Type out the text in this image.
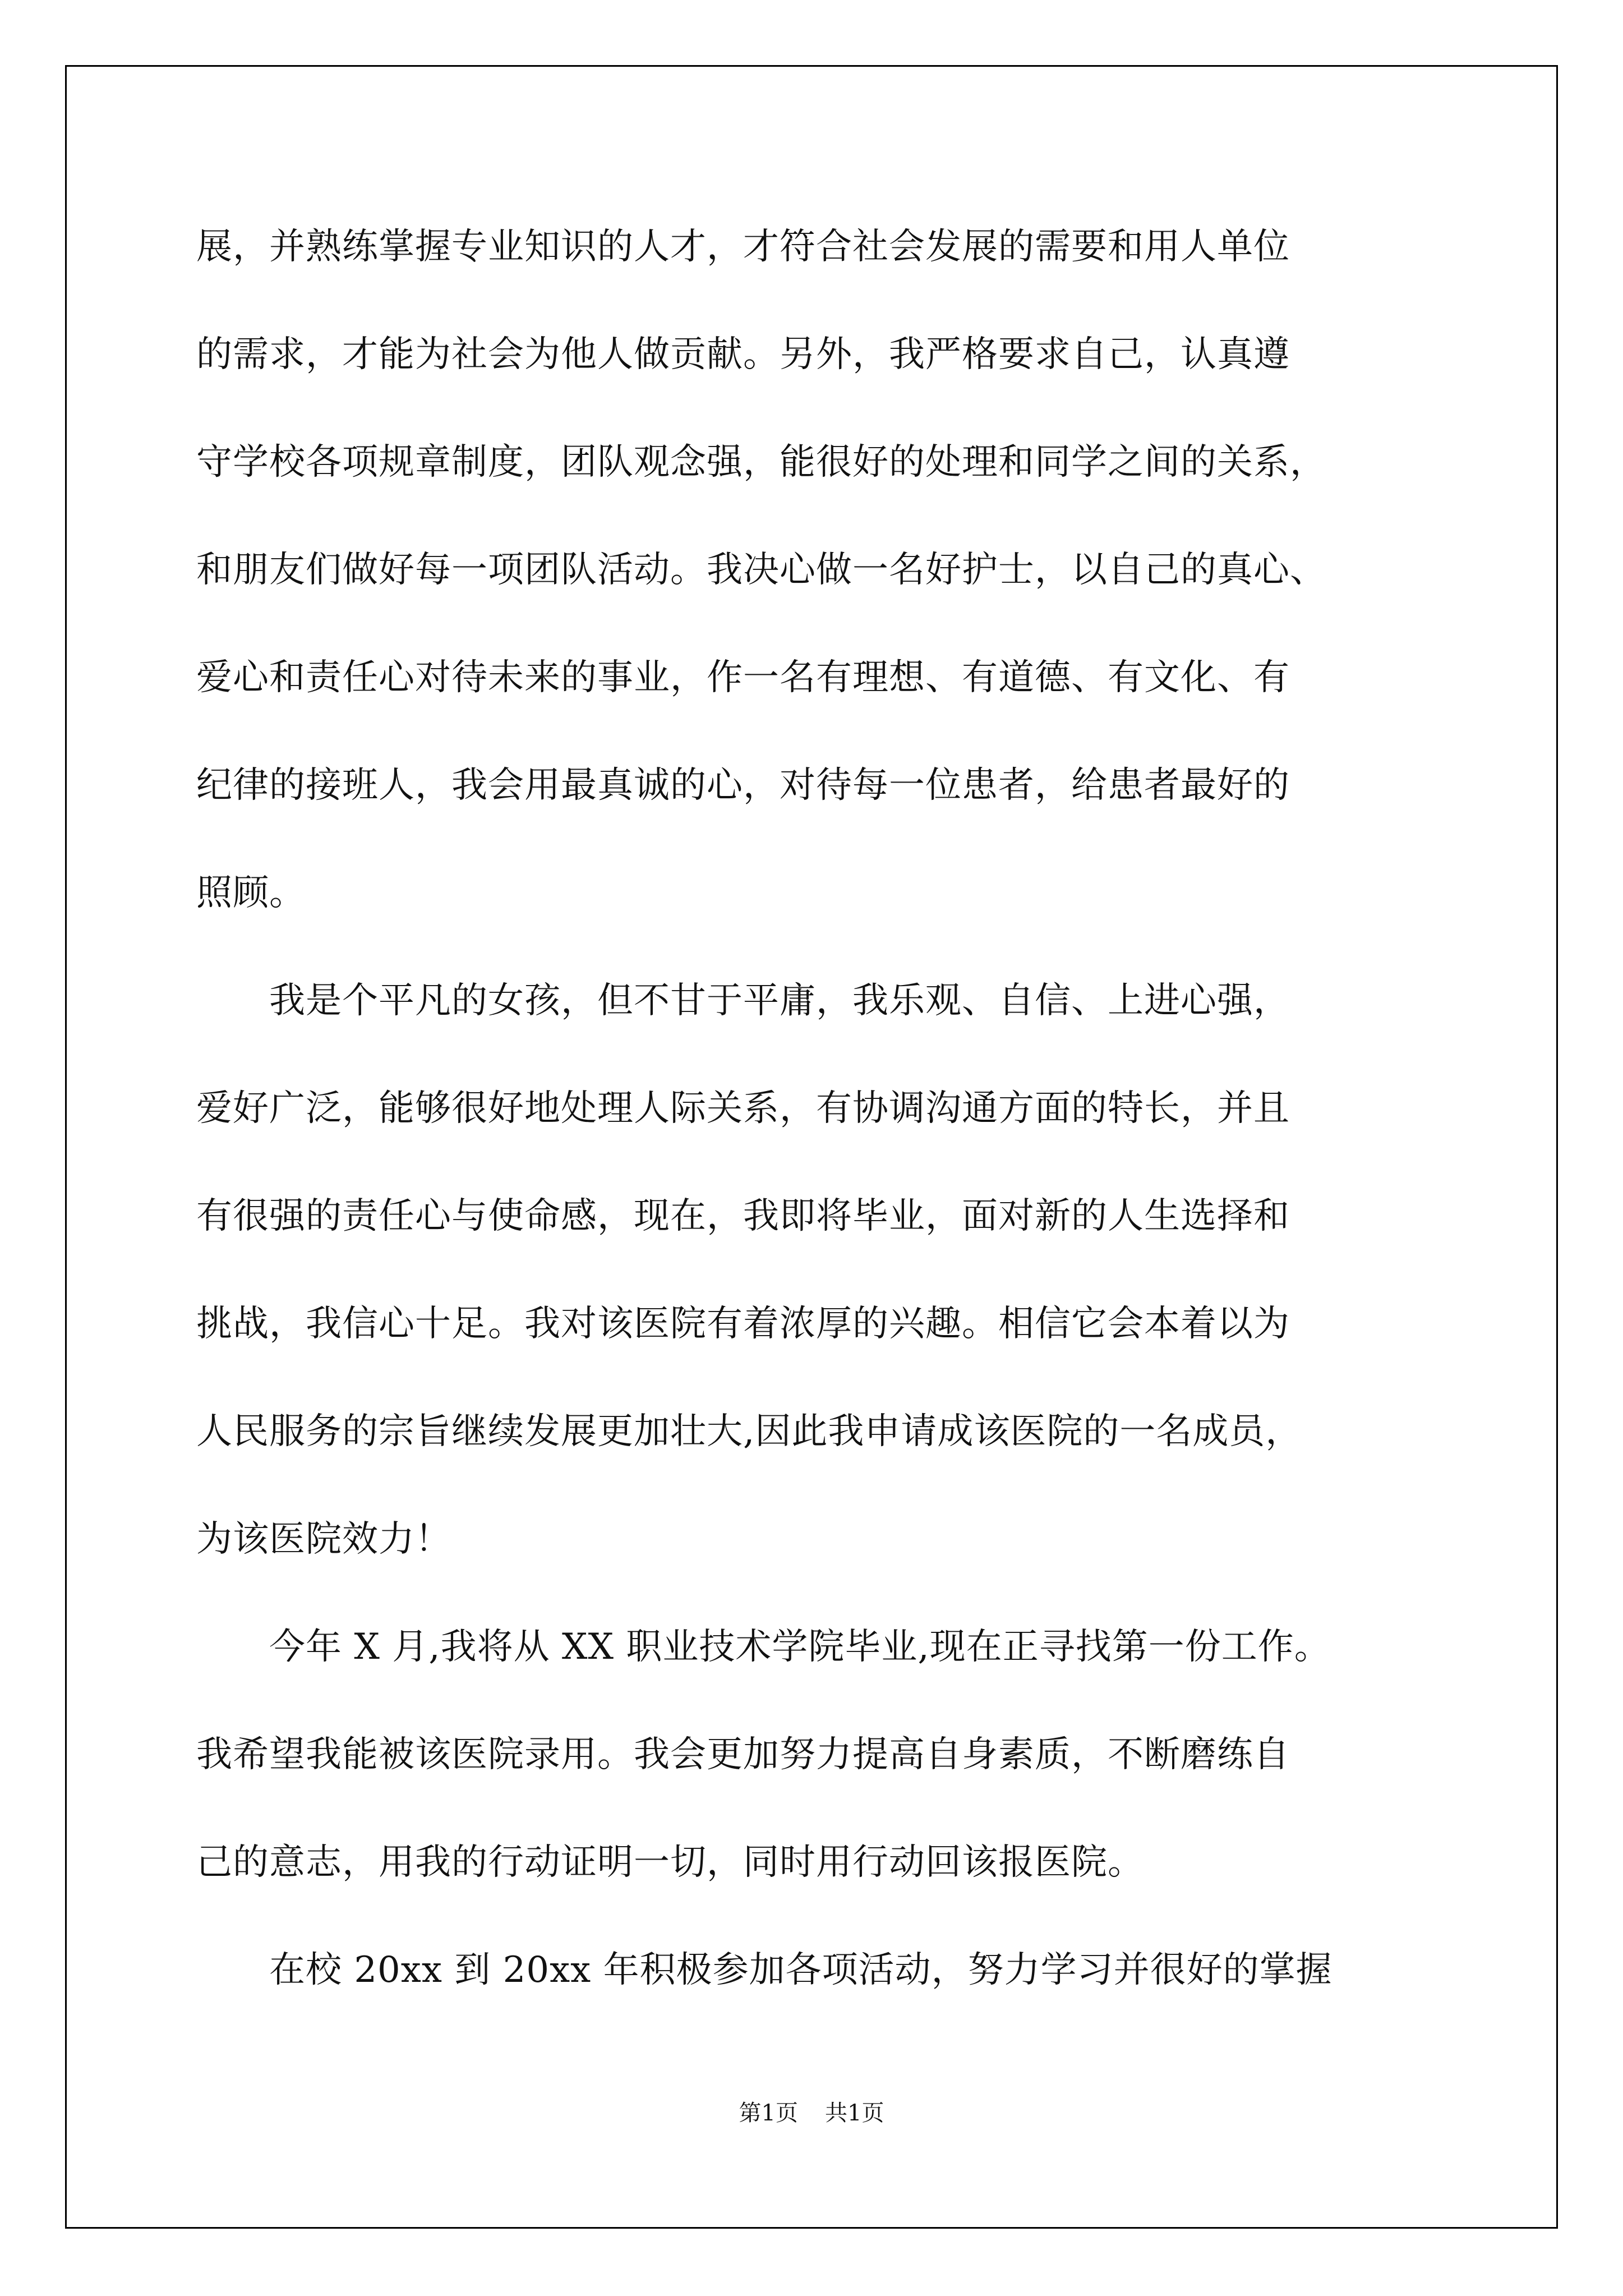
展，并熟练掌握专业知识的人才，才符合社会发展的需要和用人单位
的需求，才能为社会为他人做贡献。另外，我严格要求自己，认真遵
守学校各项规章制度，团队观念强，能很好的处理和同学之间的关系，
和朋友们做好每一项团队活动。我决心做一名好护士，以自己的真心、
爱心和责任心对待未来的事业，作一名有理想、有道德、有文化、有
纪律的接班人，我会用最真诚的心，对待每一位患者，给患者最好的
照顾。
　　我是个平凡的女孩，但不甘于平庸，我乐观、自信、上进心强，
爱好广泛，能够很好地处理人际关系，有协调沟通方面的特长，并且
有很强的责任心与使命感，现在，我即将毕业，面对新的人生选择和
挑战，我信心十足。我对该医院有着浓厚的兴趣。相信它会本着以为
人民服务的宗旨继续发展更加壮大,因此我申请成该医院的一名成员，
为该医院效力！
　　今年 X 月,我将从 XX 职业技术学院毕业,现在正寻找第一份工作。
我希望我能被该医院录用。我会更加努力提高自身素质，不断磨练自
己的意志，用我的行动证明一切，同时用行动回该报医院。
　　在校 20xx 到 20xx 年积极参加各项活动，努力学习并很好的掌握
第1页 共1页
